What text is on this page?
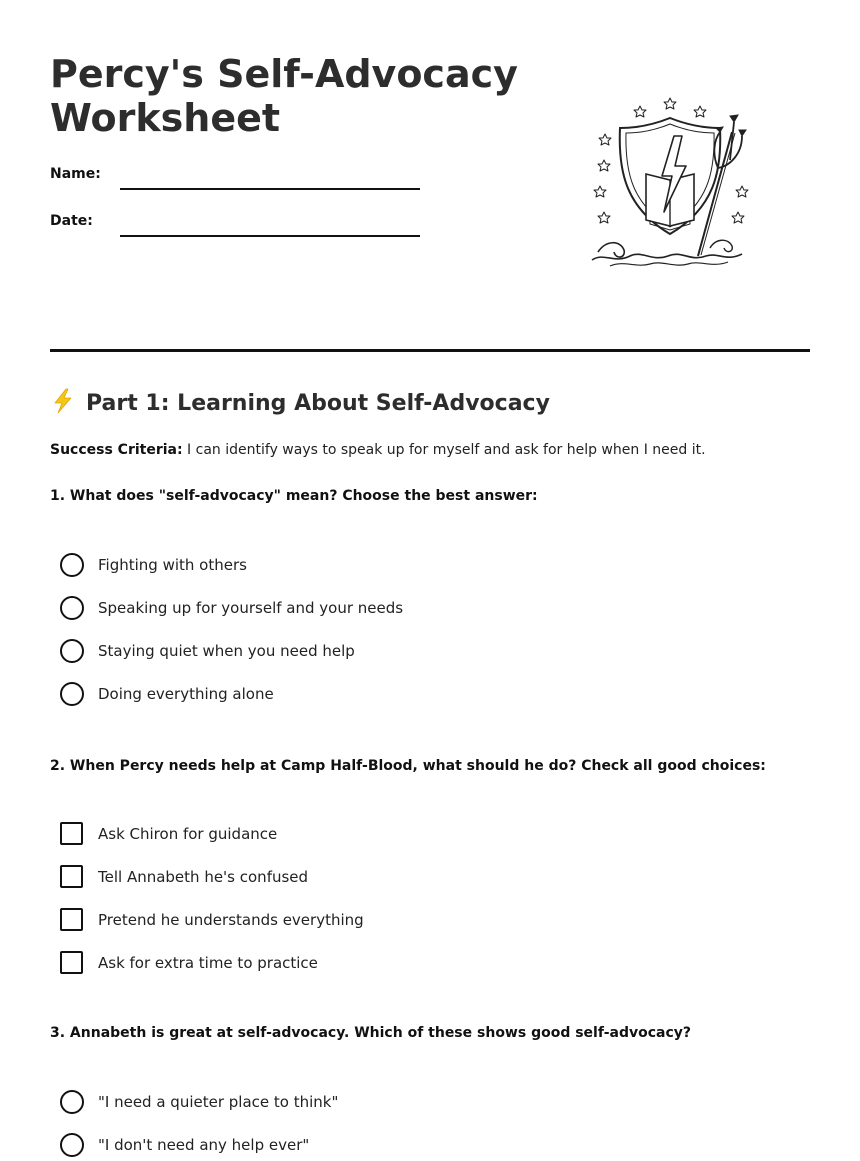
Percy's Self-Advocacy
Worksheet
Name:
Date:
Part 1: Learning About Self-Advocacy
Success Criteria: I can identify ways to speak up for myself and ask for help when I need it.
1. What does "self-advocacy" mean? Choose the best answer:
Fighting with others
Speaking up for yourself and your needs
Staying quiet when you need help
Doing everything alone
2. When Percy needs help at Camp Half-Blood, what should he do? Check all good choices:
Ask Chiron for guidance
Tell Annabeth he's confused
Pretend he understands everything
Ask for extra time to practice
3. Annabeth is great at self-advocacy. Which of these shows good self-advocacy?
"I need a quieter place to think"
"I don't need any help ever"
